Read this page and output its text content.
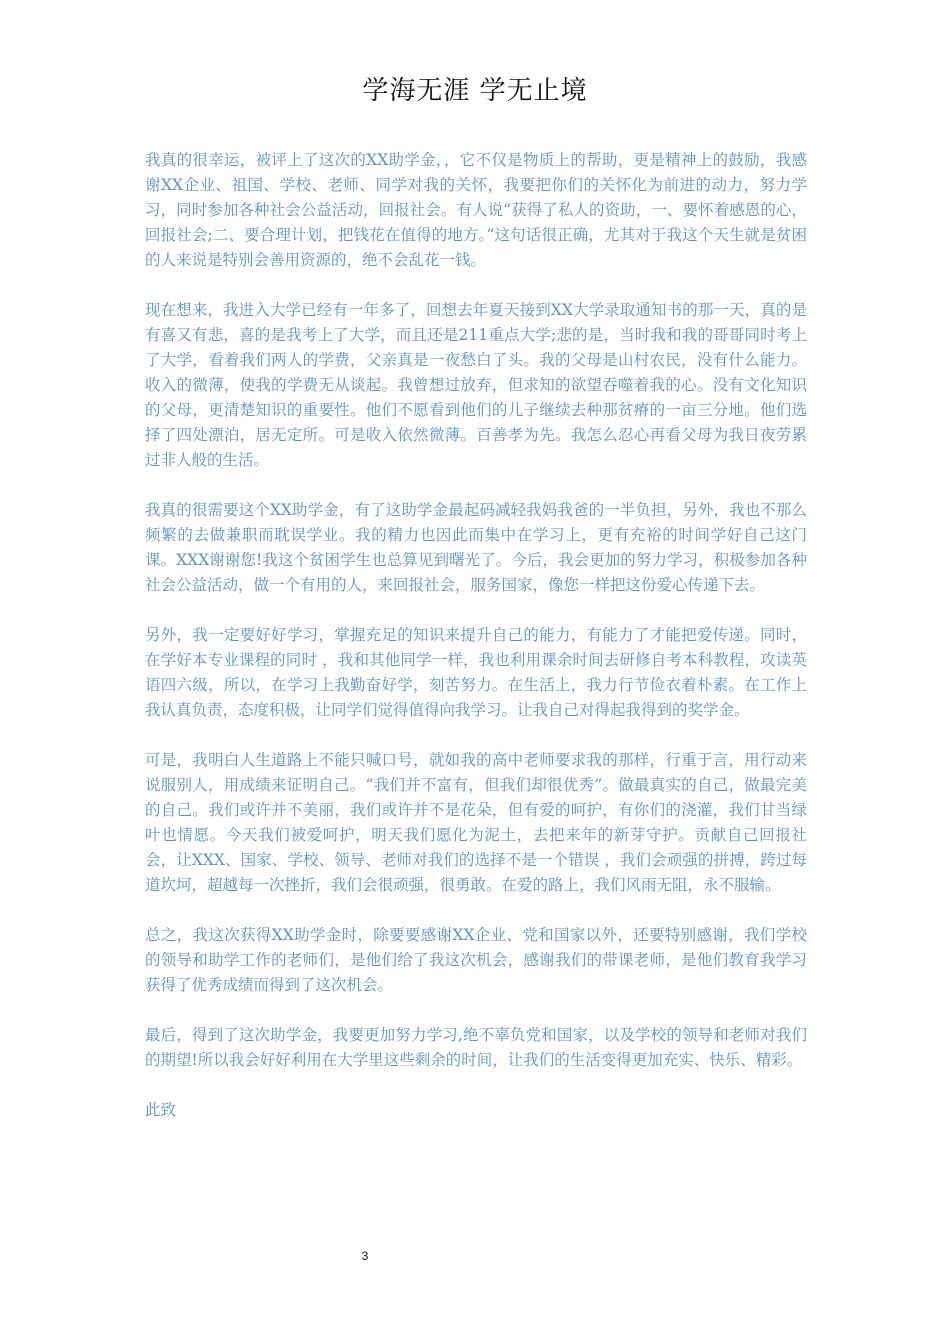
学海无涯 学无止境

我真的很幸运，被评上了这次的XX助学金，，它不仅是物质上的帮助，更是精神上的鼓励，我感谢XX企业、祖国、学校、老师、同学对我的关怀，我要把你们的关怀化为前进的动力，努力学习，同时参加各种社会公益活动，回报社会。有人说“获得了私人的资助，一、要怀着感恩的心，回报社会;二、要合理计划，把钱花在值得的地方。”这句话很正确，尤其对于我这个天生就是贫困的人来说是特别会善用资源的，绝不会乱花一钱。

现在想来，我进入大学已经有一年多了，回想去年夏天接到XX大学录取通知书的那一天，真的是有喜又有悲，喜的是我考上了大学，而且还是211重点大学;悲的是，当时我和我的哥哥同时考上了大学，看着我们两人的学费，父亲真是一夜愁白了头。我的父母是山村农民，没有什么能力。收入的微薄，使我的学费无从谈起。我曾想过放弃，但求知的欲望吞噬着我的心。没有文化知识的父母，更清楚知识的重要性。他们不愿看到他们的儿子继续去种那贫瘠的一亩三分地。他们选择了四处漂泊，居无定所。可是收入依然微薄。百善孝为先。我怎么忍心再看父母为我日夜劳累过非人般的生活。

我真的很需要这个XX助学金，有了这助学金最起码减轻我妈我爸的一半负担，另外，我也不那么频繁的去做兼职而耽误学业。我的精力也因此而集中在学习上，更有充裕的时间学好自己这门课。XXX谢谢您!我这个贫困学生也总算见到曙光了。今后，我会更加的努力学习，积极参加各种社会公益活动，做一个有用的人，来回报社会，服务国家，像您一样把这份爱心传递下去。

另外，我一定要好好学习，掌握充足的知识来提升自己的能力，有能力了才能把爱传递。同时，在学好本专业课程的同时 ，我和其他同学一样，我也利用课余时间去研修自考本科教程，攻读英语四六级，所以，在学习上我勤奋好学，刻苦努力。在生活上，我力行节俭衣着朴素。在工作上我认真负责，态度积极，让同学们觉得值得向我学习。让我自己对得起我得到的奖学金。

可是，我明白人生道路上不能只喊口号，就如我的高中老师要求我的那样，行重于言，用行动来说服别人，用成绩来证明自己。“我们并不富有，但我们却很优秀”。做最真实的自己，做最完美的自己。我们或许并不美丽，我们或许并不是花朵，但有爱的呵护，有你们的浇灌，我们甘当绿叶也情愿。今天我们被爱呵护，明天我们愿化为泥土，去把来年的新芽守护。贡献自己回报社会，让XXX、国家、学校、领导、老师对我们的选择不是一个错误 ，我们会顽强的拼搏，跨过每道坎坷，超越每一次挫折，我们会很顽强，很勇敢。在爱的路上，我们风雨无阻，永不服输。

总之，我这次获得XX助学金时，除要要感谢XX企业、党和国家以外，还要特别感谢，我们学校的领导和助学工作的老师们，是他们给了我这次机会，感谢我们的带课老师，是他们教育我学习获得了优秀成绩而得到了这次机会。

最后，得到了这次助学金，我要更加努力学习,绝不辜负党和国家，以及学校的领导和老师对我们的期望!所以我会好好利用在大学里这些剩余的时间，让我们的生活变得更加充实、快乐、精彩。

此致

3
